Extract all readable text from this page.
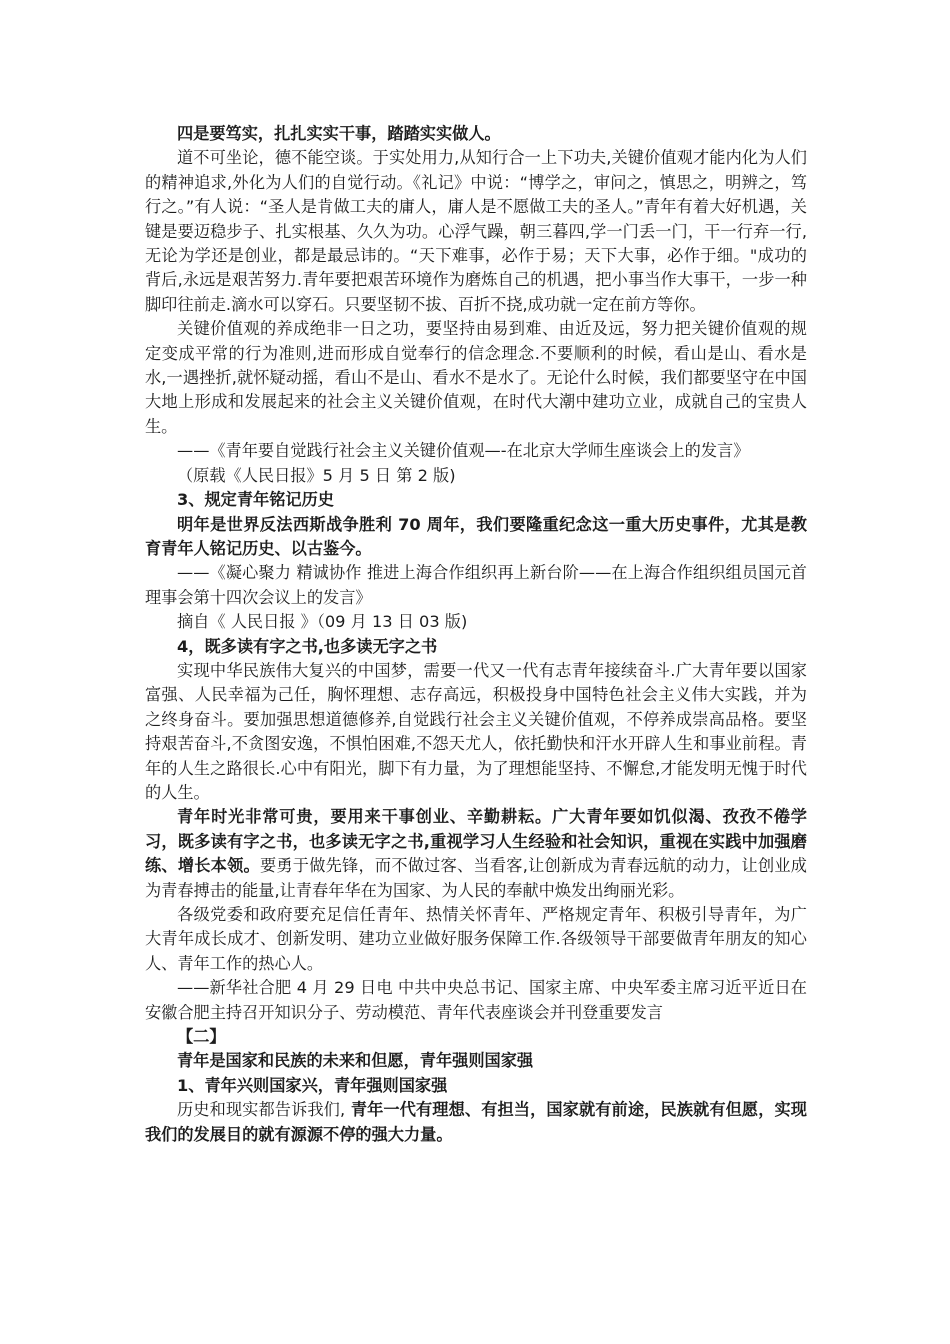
四是要笃实，扎扎实实干事，踏踏实实做人。

道不可坐论，德不能空谈。于实处用力,从知行合一上下功夫,关键价值观才能内化为人们的精神追求,外化为人们的自觉行动。《礼记》中说：“博学之，审问之，慎思之，明辨之，笃行之。”有人说：“圣人是肯做工夫的庸人，庸人是不愿做工夫的圣人。”青年有着大好机遇，关键是要迈稳步子、扎实根基、久久为功。心浮气躁，朝三暮四,学一门丢一门，干一行弃一行,无论为学还是创业，都是最忌讳的。“天下难事，必作于易；天下大事，必作于细。"成功的背后,永远是艰苦努力.青年要把艰苦环境作为磨炼自己的机遇，把小事当作大事干，一步一种脚印往前走.滴水可以穿石。只要坚韧不拔、百折不挠,成功就一定在前方等你。

关键价值观的养成绝非一日之功，要坚持由易到难、由近及远，努力把关键价值观的规定变成平常的行为准则,进而形成自觉奉行的信念理念.不要顺利的时候，看山是山、看水是水,一遇挫折,就怀疑动摇，看山不是山、看水不是水了。无论什么时候，我们都要坚守在中国大地上形成和发展起来的社会主义关键价值观，在时代大潮中建功立业，成就自己的宝贵人生。

——《青年要自觉践行社会主义关键价值观—-在北京大学师生座谈会上的发言》

（原载《人民日报》5 月 5 日 第 2 版)

3、规定青年铭记历史

明年是世界反法西斯战争胜利 70 周年，我们要隆重纪念这一重大历史事件，尤其是教育青年人铭记历史、以古鉴今。

——《凝心聚力 精诚协作 推进上海合作组织再上新台阶——在上海合作组织组员国元首理事会第十四次会议上的发言》

摘自《 人民日报 》（09 月 13 日 03 版)

4，既多读有字之书,也多读无字之书

实现中华民族伟大复兴的中国梦，需要一代又一代有志青年接续奋斗.广大青年要以国家富强、人民幸福为己任，胸怀理想、志存高远，积极投身中国特色社会主义伟大实践，并为之终身奋斗。要加强思想道德修养,自觉践行社会主义关键价值观，不停养成崇高品格。要坚持艰苦奋斗,不贪图安逸，不惧怕困难,不怨天尤人，依托勤快和汗水开辟人生和事业前程。青年的人生之路很长.心中有阳光，脚下有力量，为了理想能坚持、不懈怠,才能发明无愧于时代的人生。

青年时光非常可贵，要用来干事创业、辛勤耕耘。广大青年要如饥似渴、孜孜不倦学习，既多读有字之书，也多读无字之书,重视学习人生经验和社会知识，重视在实践中加强磨练、增长本领。要勇于做先锋，而不做过客、当看客,让创新成为青春远航的动力，让创业成为青春搏击的能量,让青春年华在为国家、为人民的奉献中焕发出绚丽光彩。

各级党委和政府要充足信任青年、热情关怀青年、严格规定青年、积极引导青年，为广大青年成长成才、创新发明、建功立业做好服务保障工作.各级领导干部要做青年朋友的知心人、青年工作的热心人。

——新华社合肥 4 月 29 日电 中共中央总书记、国家主席、中央军委主席习近平近日在安徽合肥主持召开知识分子、劳动模范、青年代表座谈会并刊登重要发言

【二】

青年是国家和民族的未来和但愿，青年强则国家强

1、青年兴则国家兴，青年强则国家强

历史和现实都告诉我们, 青年一代有理想、有担当，国家就有前途，民族就有但愿，实现我们的发展目的就有源源不停的强大力量。
